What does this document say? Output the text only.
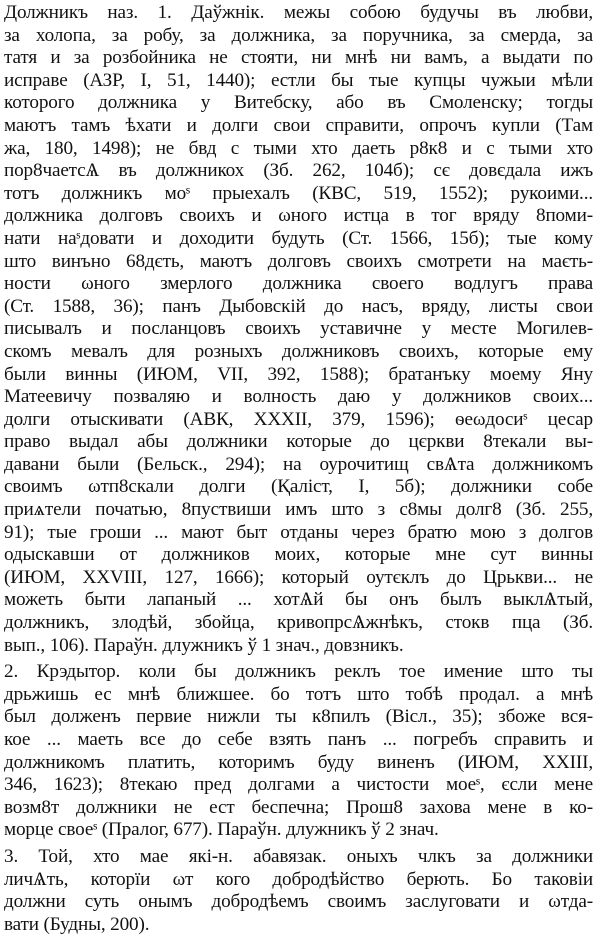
Должникъ наз. 1. Даўжнік. межы собою будучы въ любви,
за холопа, за робу, за должника, за поручника, за смерда, за
татя и за розбойника не стояти, ни мнѣ ни вамъ, а выдати по
исправе (АЗР, I, 51, 1440); естли бы тые купцы чужыи мѣли
которого должника у Витебску, або въ Смоленску; тогды
маютъ тамъ ѣхати и долги свои справити, опрочъ купли (Там
жа, 180, 1498); не бвд с тыми хто даеть р8к8 и с тыми хто
пор8чаетсѦ въ должникох (Зб. 262, 104б); сє довєдала ижъ
тотъ должникъ моˢ прыехалъ (КВС, 519, 1552); рукоими...
должника долговъ своихъ и ωного истца в тог вряду 8поми-
нати наˢдовати и доходити будуть (Ст. 1566, 15б); тые кому
што винъно 68дєть, маютъ долговъ своихъ смотрети на маєть-
ности ωного змерлого должника своего водлугъ права
(Ст. 1588, 36); панъ Дыбовскій до насъ, вряду, листы свои
писывалъ и посланцовъ своихъ уставичне у месте Могилев-
скомъ мевалъ для розныхъ должниковъ своихъ, которые ему
были винны (ИЮМ, VII, 392, 1588); братанъку моему Яну
Матеевичу позваляю и волность даю у должников своих...
долги отыскивати (АВК, XXXII, 379, 1596); ѳеωдосиˢ цесар
право выдал абы должники которые до цєркви 8текали вы-
давани были (Бельск., 294); на оурочитищ свѦта должникомъ
своимъ ωтп8скали долги (Қаліст, I, 5б); должники собе
приѧтели початью, 8пуствиши имъ што з с8мы долг8 (Зб. 255,
91); тые гроши ... мают быт отданы через братю мою з долгов
одыскавши от должников моих, которые мне сут винны
(ИЮМ, XXVIII, 127, 1666); который оутєклъ до Црькви... не
можеть быти лапаный ... хотѦй бы онъ былъ выклѦтый,
должникъ, злодѣй, збойца, кривопрсѦжнѣкъ, стокв пца (Зб.
вып., 106). Параўн. длужникъ ў 1 знач., довзникъ.
2. Крэдытор. коли бы должникъ реклъ тое имение што ты
дрьжишь ес мнѣ ближшее. бо тотъ што тобѣ продал. а мнѣ
был долженъ первие нижли ты к8пилъ (Вісл., 35); збоже вся-
кое ... маеть все до себе взять панъ ... погребъ справить и
должникомъ платить, которимъ буду виненъ (ИЮМ, XXIII,
346, 1623); 8текаю пред долгами а чистости моеˢ, єсли мене
возм8т должники не ест беспечна; Прош8 захова мене в ко-
морце своеˢ (Пралог, 677). Параўн. длужникъ ў 2 знач.
3. Той, хто мае якi-н. абавязак. оныхъ члкъ за должники
личѦть, которїи ωт кого добродѣйство берють. Бо таковіи
должни суть онымъ добродѣемъ своимъ заслуговати и ωтда-
вати (Будны, 200).
